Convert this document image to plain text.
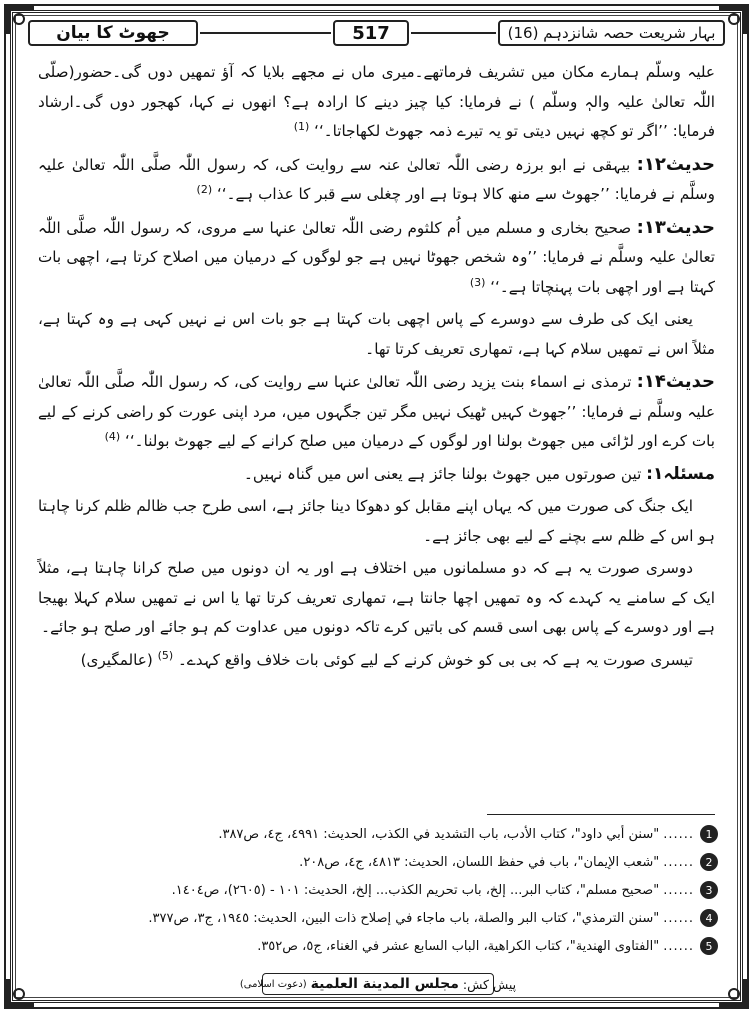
جھوٹ کا بیان	517	بہار شریعت حصہ شانزدہم (16)

علیہ وسلّم ہمارے مکان میں تشریف فرماتھے۔میری ماں نے مجھے بلایا کہ آؤ تمھیں دوں گی۔حضور(صلّی اللّٰہ تعالیٰ علیہ والہٖ وسلّم ) نے فرمایا: کیا چیز دینے کا ارادہ ہے؟ انھوں نے کہا، کھجور دوں گی۔ارشاد فرمایا: ’’اگر تو کچھ نہیں دیتی تو یہ تیرے ذمہ جھوٹ لکھاجاتا۔‘‘ $^{(1)}$

حدیث۱۲: بیہقی نے ابو برزہ رضی اللّٰہ تعالیٰ عنہ سے روایت کی، کہ رسول اللّٰہ صلَّی اللّٰہ تعالیٰ علیہ وسلَّم نے فرمایا: ’’جھوٹ سے منھ کالا ہوتا ہے اور چغلی سے قبر کا عذاب ہے۔‘‘ $^{(2)}$

حدیث۱۳: صحیح بخاری و مسلم میں اُم کلثوم رضی اللّٰہ تعالیٰ عنہا سے مروی، کہ رسول اللّٰہ صلَّی اللّٰہ تعالیٰ علیہ وسلَّم نے فرمایا: ’’وہ شخص جھوٹا نہیں ہے جو لوگوں کے درمیان میں اصلاح کرتا ہے، اچھی بات کہتا ہے اور اچھی بات پہنچاتا ہے۔‘‘ $^{(3)}$

یعنی ایک کی طرف سے دوسرے کے پاس اچھی بات کہتا ہے جو بات اس نے نہیں کہی ہے وہ کہتا ہے، مثلاً اس نے تمھیں سلام کہا ہے، تمھاری تعریف کرتا تھا۔

حدیث۱۴: ترمذی نے اسماء بنت یزید رضی اللّٰہ تعالیٰ عنہا سے روایت کی، کہ رسول اللّٰہ صلَّی اللّٰہ تعالیٰ علیہ وسلَّم نے فرمایا: ’’جھوٹ کہیں ٹھیک نہیں مگر تین جگہوں میں، مرد اپنی عورت کو راضی کرنے کے لیے بات کرے اور لڑائی میں جھوٹ بولنا اور لوگوں کے درمیان میں صلح کرانے کے لیے جھوٹ بولنا۔‘‘ $^{(4)}$

مسئلہ۱: تین صورتوں میں جھوٹ بولنا جائز ہے یعنی اس میں گناہ نہیں۔

ایک جنگ کی صورت میں کہ یہاں اپنے مقابل کو دھوکا دینا جائز ہے، اسی طرح جب ظالم ظلم کرنا چاہتا ہو اس کے ظلم سے بچنے کے لیے بھی جائز ہے۔

دوسری صورت یہ ہے کہ دو مسلمانوں میں اختلاف ہے اور یہ ان دونوں میں صلح کرانا چاہتا ہے، مثلاً ایک کے سامنے یہ کہدے کہ وہ تمھیں اچھا جانتا ہے، تمھاری تعریف کرتا تھا یا اس نے تمھیں سلام کہلا بھیجا ہے اور دوسرے کے پاس بھی اسی قسم کی باتیں کرے تاکہ دونوں میں عداوت کم ہو جائے اور صلح ہو جائے۔

تیسری صورت یہ ہے کہ بی بی کو خوش کرنے کے لیے کوئی بات خلاف واقع کہدے۔ $^{(5)}$ (عالمگیری)

1
......
"سنن أبي داود"، كتاب الأدب، باب التشديد في الكذب، الحديث: ٤٩٩١، ج٤، ص٣٨٧.
2
......
"شعب الإيمان"، باب في حفظ اللسان، الحديث: ٤٨١٣، ج٤، ص٢٠٨.
3
......
"صحيح مسلم"، كتاب البر... إلخ، باب تحريم الكذب... إلخ، الحديث: ١٠١ - (٢٦٠٥)، ص١٤٠٤.
4
......
"سنن الترمذي"، كتاب البر والصلة، باب ماجاء في إصلاح ذات البين، الحديث: ١٩٤٥، ج٣، ص٣٧٧.
5
......
"الفتاوى الهندية"، كتاب الكراهية، الباب السابع عشر في الغناء، ج٥، ص٣٥٢.
پیش کش:
مجلس المدينة العلمية
(دعوت اسلامی)
